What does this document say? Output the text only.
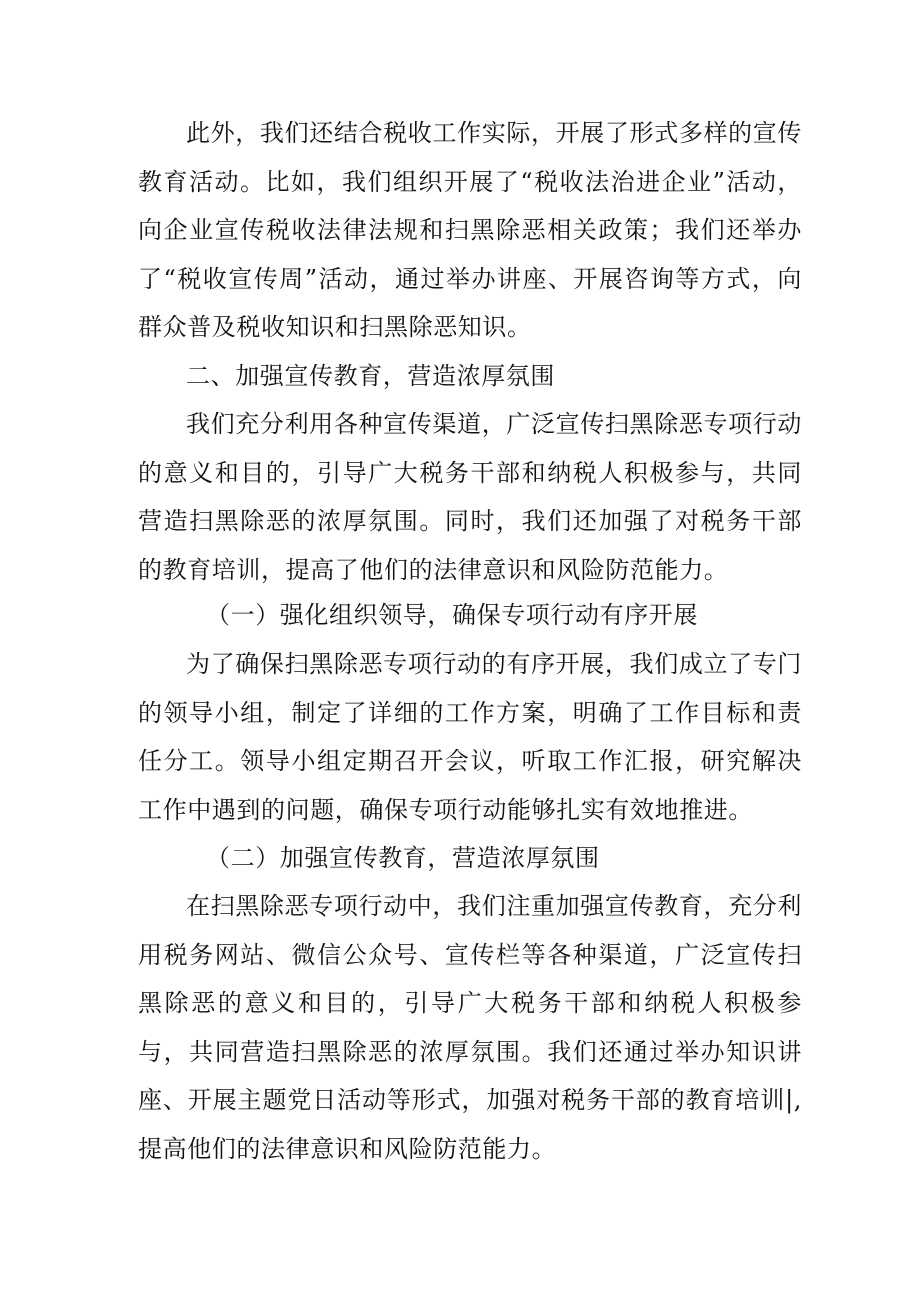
此外，我们还结合税收工作实际，开展了形式多样的宣传教育活动。比如，我们组织开展了“税收法治进企业”活动，向企业宣传税收法律法规和扫黑除恶相关政策；我们还举办了“税收宣传周”活动，通过举办讲座、开展咨询等方式，向群众普及税收知识和扫黑除恶知识。

二、加强宣传教育，营造浓厚氛围

我们充分利用各种宣传渠道，广泛宣传扫黑除恶专项行动的意义和目的，引导广大税务干部和纳税人积极参与，共同营造扫黑除恶的浓厚氛围。同时，我们还加强了对税务干部的教育培训，提高了他们的法律意识和风险防范能力。

（一）强化组织领导，确保专项行动有序开展

为了确保扫黑除恶专项行动的有序开展，我们成立了专门的领导小组，制定了详细的工作方案，明确了工作目标和责任分工。领导小组定期召开会议，听取工作汇报，研究解决工作中遇到的问题，确保专项行动能够扎实有效地推进。

（二）加强宣传教育，营造浓厚氛围

在扫黑除恶专项行动中，我们注重加强宣传教育，充分利用税务网站、微信公众号、宣传栏等各种渠道，广泛宣传扫黑除恶的意义和目的，引导广大税务干部和纳税人积极参与，共同营造扫黑除恶的浓厚氛围。我们还通过举办知识讲座、开展主题党日活动等形式，加强对税务干部的教育培训|,提高他们的法律意识和风险防范能力。
